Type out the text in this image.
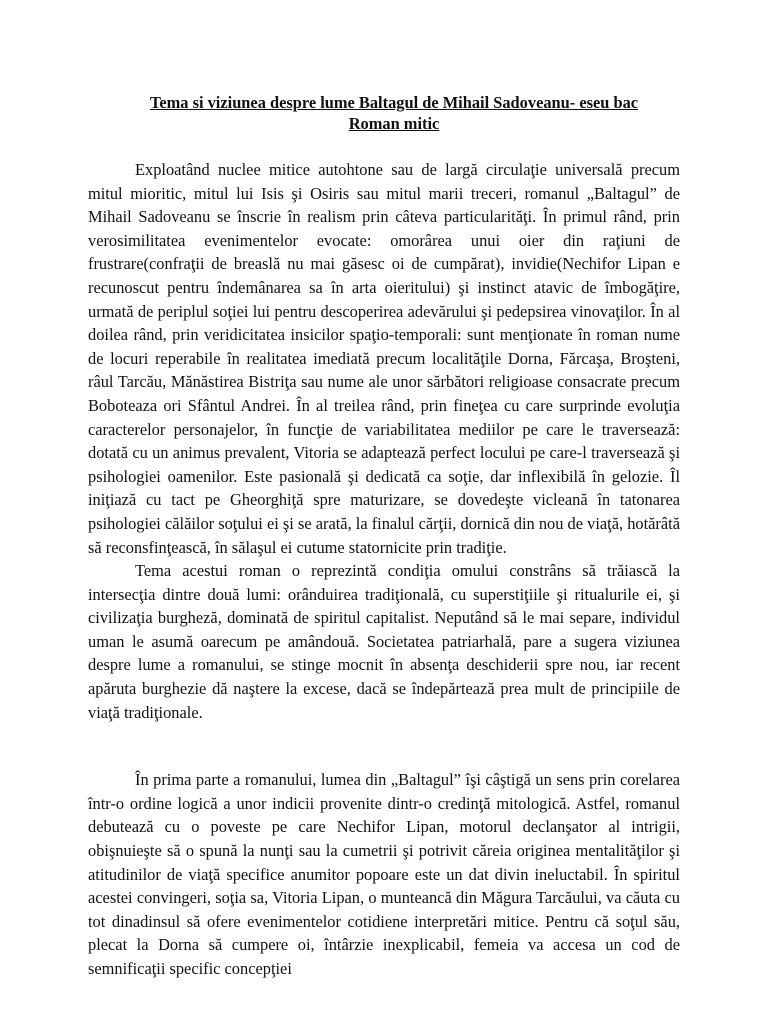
Tema si viziunea despre lume Baltagul de Mihail Sadoveanu- eseu bac
Roman mitic

Exploatând nuclee mitice autohtone sau de largă circulaţie universală precum mitul mioritic, mitul lui Isis şi Osiris sau mitul marii treceri, romanul „Baltagul” de Mihail Sadoveanu se înscrie în realism prin câteva particularităţi. În primul rând, prin verosimilitatea evenimentelor evocate: omorârea unui oier din raţiuni de frustrare(confraţii de breaslă nu mai găsesc oi de cumpărat), invidie(Nechifor Lipan e recunoscut pentru îndemânarea sa în arta oieritului) şi instinct atavic de îmbogăţire, urmată de periplul soţiei lui pentru descoperirea adevărului şi pedepsirea vinovaţilor. În al doilea rând, prin veridicitatea insicilor spaţio-temporali: sunt menţionate în roman nume de locuri reperabile în realitatea imediată precum localităţile Dorna, Fărcaşa, Broşteni, râul Tarcău, Mănăstirea Bistriţa sau nume ale unor sărbători religioase consacrate precum Boboteaza ori Sfântul Andrei. În al treilea rând, prin fineţea cu care surprinde evoluţia caracterelor personajelor, în funcţie de variabilitatea mediilor pe care le traversează: dotată cu un animus prevalent, Vitoria se adaptează perfect locului pe care-l traversează şi psihologiei oamenilor. Este pasională şi dedicată ca soţie, dar inflexibilă în gelozie. Îl iniţiază cu tact pe Gheorghiţă spre maturizare, se dovedeşte vicleană în tatonarea psihologiei călăilor soţului ei şi se arată, la finalul cărţii, dornică din nou de viaţă, hotărâtă să reconsfinţească, în sălaşul ei cutume statornicite prin tradiţie.

Tema acestui roman o reprezintă condiţia omului constrâns să trăiască la intersecţia dintre două lumi: orânduirea tradiţională, cu superstiţiile şi ritualurile ei, şi civilizaţia burgheză, dominată de spiritul capitalist. Neputând să le mai separe, individul uman le asumă oarecum pe amândouă. Societatea patriarhală, pare a sugera viziunea despre lume a romanului, se stinge mocnit în absenţa deschiderii spre nou, iar recent apăruta burghezie dă naştere la excese, dacă se îndepărtează prea mult de principiile de viaţă tradiţionale.

În prima parte a romanului, lumea din „Baltagul” îşi câştigă un sens prin corelarea într-o ordine logică a unor indicii provenite dintr-o credinţă mitologică. Astfel, romanul debutează cu o poveste pe care Nechifor Lipan, motorul declanşator al intrigii, obişnuieşte să o spună la nunţi sau la cumetrii şi potrivit căreia originea mentalităţilor şi atitudinilor de viaţă specifice anumitor popoare este un dat divin ineluctabil. În spiritul acestei convingeri, soţia sa, Vitoria Lipan, o munteancă din Măgura Tarcăului, va căuta cu tot dinadinsul să ofere evenimentelor cotidiene interpretări mitice. Pentru că soţul său, plecat la Dorna să cumpere oi, întârzie inexplicabil, femeia va accesa un cod de semnificaţii specific concepţiei
